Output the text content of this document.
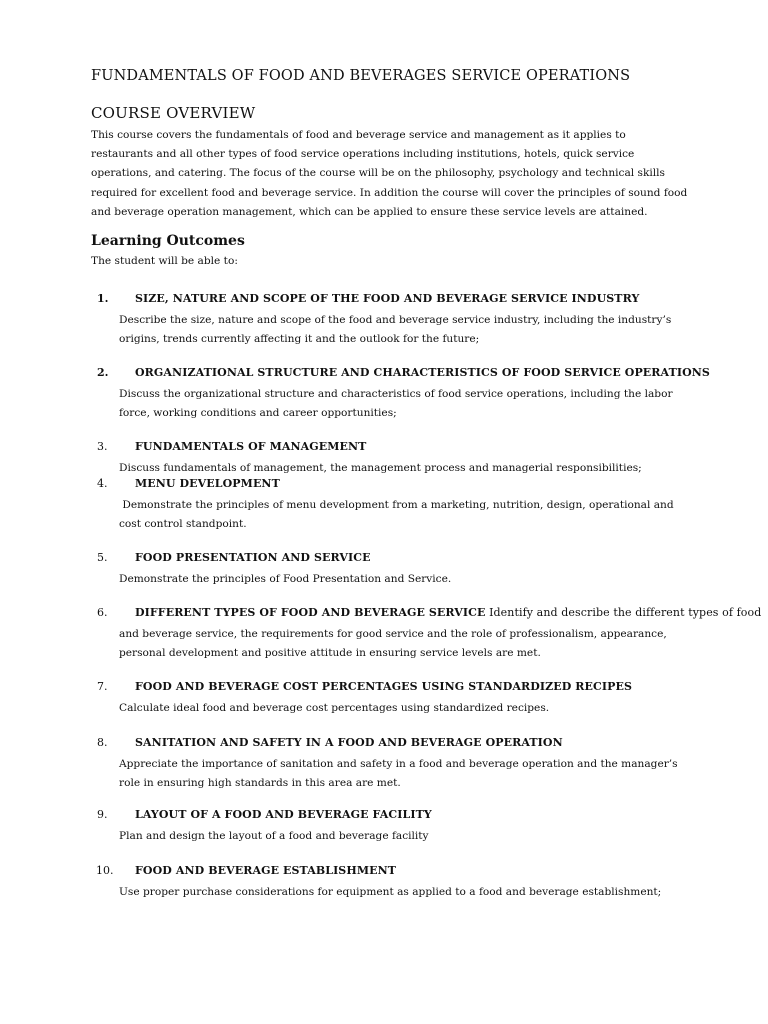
FUNDAMENTALS OF FOOD AND BEVERAGES SERVICE OPERATIONS
COURSE OVERVIEW
This course covers the fundamentals of food and beverage service and management as it applies to restaurants and all other types of food service operations including institutions, hotels, quick service operations, and catering. The focus of the course will be on the philosophy, psychology and technical skills required for excellent food and beverage service. In addition the course will cover the principles of sound food and beverage operation management, which can be applied to ensure these service levels are attained.
Learning Outcomes
The student will be able to:
1. SIZE, NATURE AND SCOPE OF THE FOOD AND BEVERAGE SERVICE INDUSTRY
Describe the size, nature and scope of the food and beverage service industry, including the industry’s origins, trends currently affecting it and the outlook for the future;
2. ORGANIZATIONAL STRUCTURE AND CHARACTERISTICS OF FOOD SERVICE OPERATIONS
Discuss the organizational structure and characteristics of food service operations, including the labor force, working conditions and career opportunities;
3.	FUNDAMENTALS OF MANAGEMENT
Discuss fundamentals of management, the management process and managerial responsibilities;
4.	MENU DEVELOPMENT
Demonstrate the principles of menu development from a marketing, nutrition, design, operational and cost control standpoint.
5.	FOOD PRESENTATION AND SERVICE
Demonstrate the principles of Food Presentation and Service.
6.	DIFFERENT TYPES OF FOOD AND BEVERAGE SERVICE Identify and describe the different types of food
and beverage service, the requirements for good service and the role of professionalism, appearance, personal development and positive attitude in ensuring service levels are met.
7.	FOOD AND BEVERAGE COST PERCENTAGES USING STANDARDIZED RECIPES
Calculate ideal food and beverage cost percentages using standardized recipes.
8.	SANITATION AND SAFETY IN A FOOD AND BEVERAGE OPERATION
Appreciate the importance of sanitation and safety in a food and beverage operation and the manager’s role in ensuring high standards in this area are met.
9.	LAYOUT OF A FOOD AND BEVERAGE FACILITY
Plan and design the layout of a food and beverage facility
10. FOOD AND BEVERAGE ESTABLISHMENT
Use proper purchase considerations for equipment as applied to a food and beverage establishment;
